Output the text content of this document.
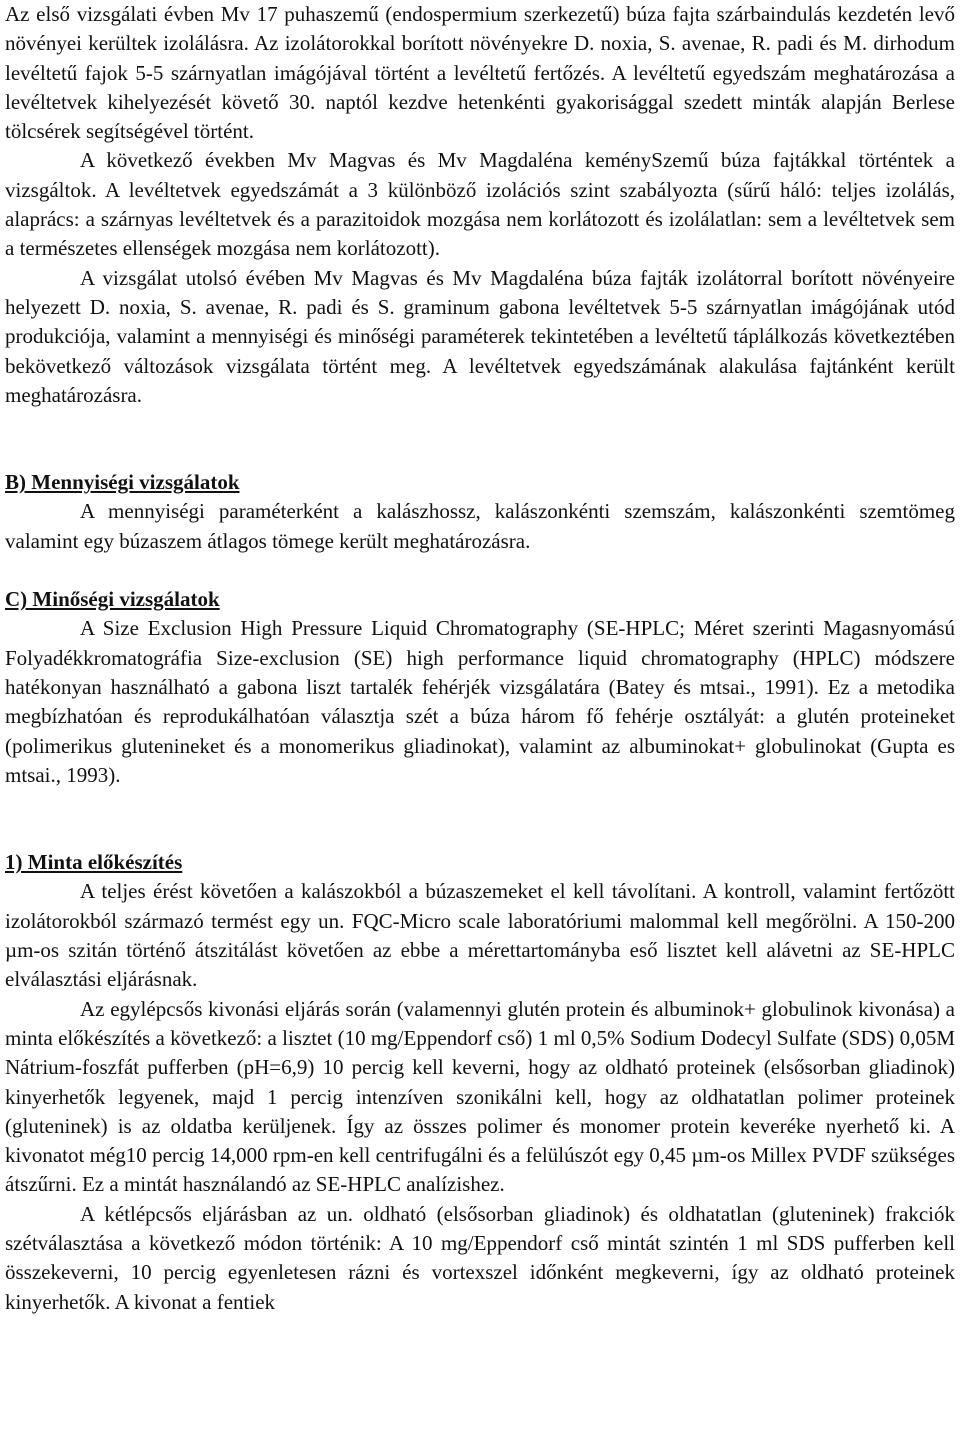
Az első vizsgálati évben Mv 17 puhaszemű (endospermium szerkezetű) búza fajta szárbaindulás kezdetén levő növényei kerültek izolálásra. Az izolátorokkal borított növényekre D. noxia, S. avenae, R. padi és M. dirhodum levéltetű fajok 5-5 szárnyatlan imágójával történt a levéltetű fertőzés. A levéltetű egyedszám meghatározása a levéltetvek kihelyezését követő 30. naptól kezdve hetenkénti gyakorisággal szedett minták alapján Berlese tölcsérek segítségével történt.

A következő években Mv Magvas és Mv Magdaléna keménySzemű búza fajtákkal történtek a vizsgáltok. A levéltetvek egyedszámát a 3 különböző izolációs szint szabályozta (sűrű háló: teljes izolálás, alaprács: a szárnyas levéltetvek és a parazitoidok mozgása nem korlátozott és izolálatlan: sem a levéltetvek sem a természetes ellenségek mozgása nem korlátozott).

A vizsgálat utolsó évében Mv Magvas és Mv Magdaléna búza fajták izolátorral borított növényeire helyezett D. noxia, S. avenae, R. padi és S. graminum gabona levéltetvek 5-5 szárnyatlan imágójának utód produkciója, valamint a mennyiségi és minőségi paraméterek tekintetében a levéltetű táplálkozás következtében bekövetkező változások vizsgálata történt meg. A levéltetvek egyedszámának alakulása fajtánként került meghatározásra.

B) Mennyiségi vizsgálatok

A mennyiségi paraméterként a kalászhossz, kalászonkénti szemszám, kalászonkénti szemtömeg valamint egy búzaszem átlagos tömege került meghatározásra.

C) Minőségi vizsgálatok

A Size Exclusion High Pressure Liquid Chromatography (SE-HPLC; Méret szerinti Magasnyomású Folyadékkromatográfia Size-exclusion (SE) high performance liquid chromatography (HPLC) módszere hatékonyan használható a gabona liszt tartalék fehérjék vizsgálatára (Batey és mtsai., 1991). Ez a metodika megbízhatóan és reprodukálhatóan választja szét a búza három fő fehérje osztályát: a glutén proteineket (polimerikus glutenineket és a monomerikus gliadinokat), valamint az albuminokat+ globulinokat (Gupta es mtsai., 1993).

1) Minta előkészítés

A teljes érést követően a kalászokból a búzaszemeket el kell távolítani. A kontroll, valamint fertőzött izolátorokból származó termést egy un. FQC-Micro scale laboratóriumi malommal kell megőrölni. A 150-200 µm-os szitán történő átszitálást követően az ebbe a mérettartományba eső lisztet kell alávetni az SE-HPLC elválasztási eljárásnak.

Az egylépcsős kivonási eljárás során (valamennyi glutén protein és albuminok+ globulinok kivonása) a minta előkészítés a következő: a lisztet (10 mg/Eppendorf cső) 1 ml 0,5% Sodium Dodecyl Sulfate (SDS) 0,05M Nátrium-foszfát pufferben (pH=6,9) 10 percig kell keverni, hogy az oldható proteinek (elsősorban gliadinok) kinyerhetők legyenek, majd 1 percig intenzíven szonikálni kell, hogy az oldhatatlan polimer proteinek (gluteninek) is az oldatba kerüljenek. Így az összes polimer és monomer protein keveréke nyerhető ki. A kivonatot még10 percig 14,000 rpm-en kell centrifugálni és a felülúszót egy 0,45 µm-os Millex PVDF szükséges átszűrni. Ez a mintát használandó az SE-HPLC analízishez.

A kétlépcsős eljárásban az un. oldható (elsősorban gliadinok) és oldhatatlan (gluteninek) frakciók szétválasztása a következő módon történik: A 10 mg/Eppendorf cső mintát szintén 1 ml SDS pufferben kell összekeverni, 10 percig egyenletesen rázni és vortexszel időnként megkeverni, így az oldható proteinek kinyerhetők. A kivonat a fentiek
